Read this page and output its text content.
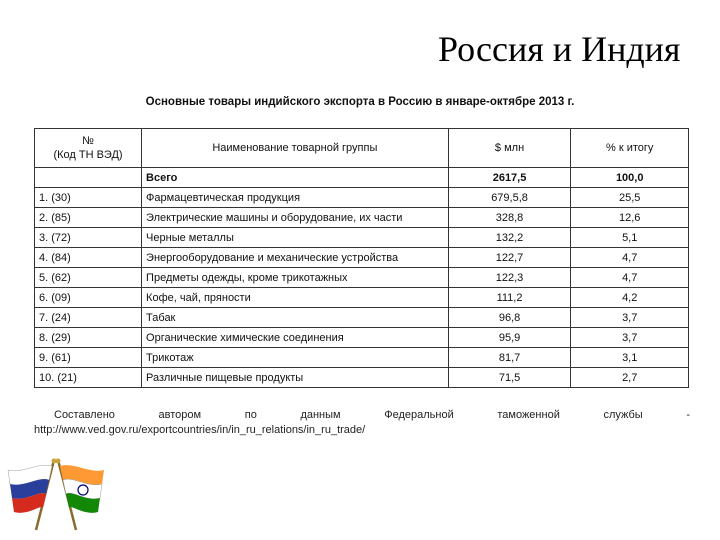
Россия и Индия
Основные товары индийского экспорта в Россию в январе-октябре 2013 г.
№
(Код ТН ВЭД)	Наименование товарной группы	$ млн	% к итогу
	Всего	2617,5	100,0
1. (30)	Фармацевтическая продукция	679,5,8	25,5
2. (85)	Электрические машины и оборудование, их части	328,8	12,6
3. (72)	Черные металлы	132,2	5,1
4. (84)	Энергооборудование и механические устройства	122,7	4,7
5. (62)	Предметы одежды, кроме трикотажных	122,3	4,7
6. (09)	Кофе, чай, пряности	111,2	4,2
7. (24)	Табак	96,8	3,7
8. (29)	Органические химические соединения	95,9	3,7
9. (61)	Трикотаж	81,7	3,1
10. (21)	Различные пищевые продукты	71,5	2,7
Составлено автором по данным Федеральной таможенной службы - http://www.ved.gov.ru/exportcountries/in/in_ru_relations/in_ru_trade/
